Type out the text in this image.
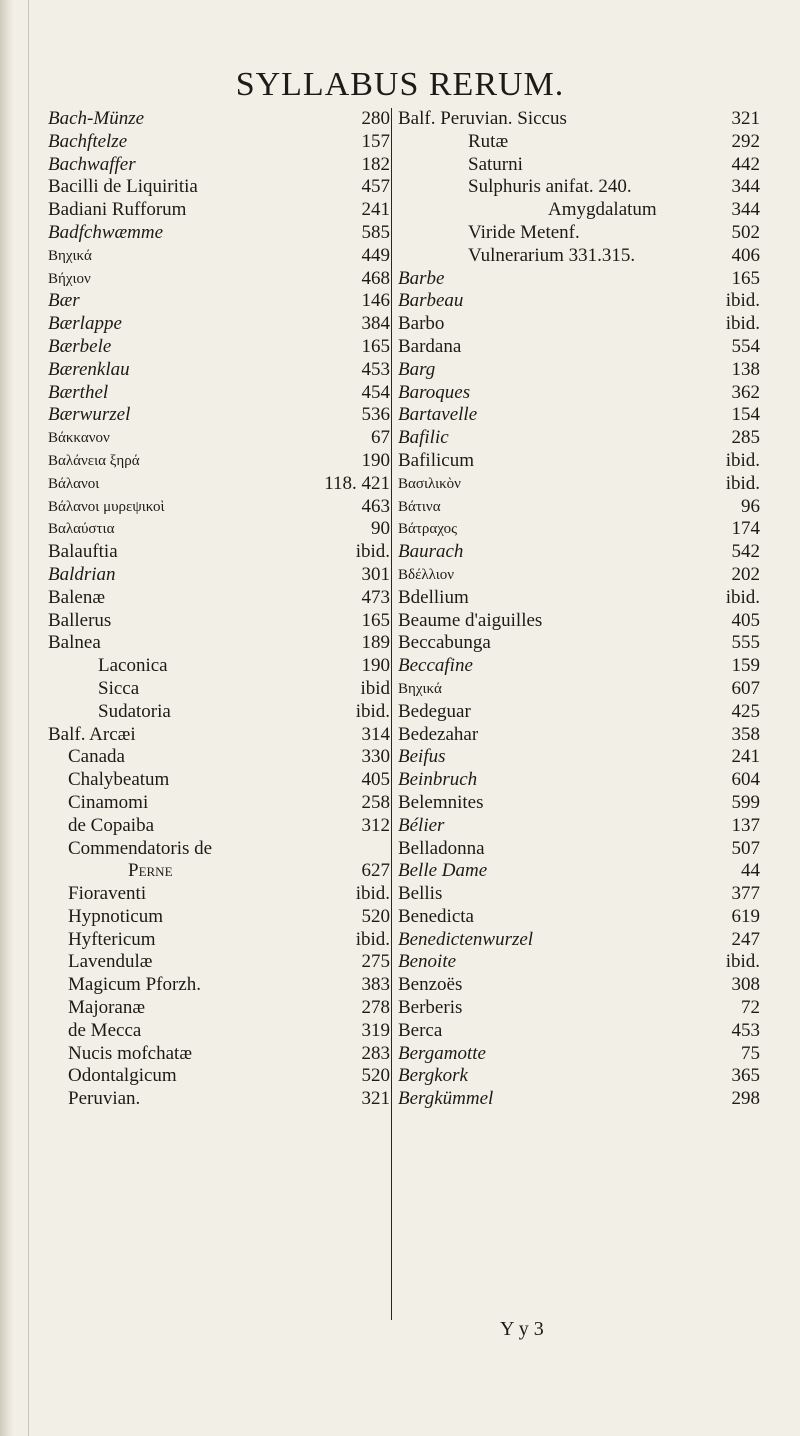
SYLLABUS RERUM.
Bach-Münze	280
Bachftelze	157
Bachwaffer	182
Bacilli de Liquiritia	457
Badiani Rufforum	241
Badfchwæmme	585
Βηχικά	449
Βήχιον	468
Bær	146
Bærlappe	384
Bærbele	165
Bærenklau	453
Bærthel	454
Bærwurzel	536
Βάκκανον	67
Βαλάνεια ξηρά	190
Βάλανοι	118. 421
Βάλανοι μυρεψικοὶ	463
Βαλαύστια	90
Balauftia	ibid.
Baldrian	301
Balenæ	473
Ballerus	165
Balnea	189
Laconica	190
Sicca	ibid
Sudatoria	ibid.
Balf. Arcæi	314
Canada	330
Chalybeatum	405
Cinamomi	258
de Copaiba	312
Commendatoris de
Perne	627
Fioraventi	ibid.
Hypnoticum	520
Hyftericum	ibid.
Lavendulæ	275
Magicum Pforzh.	383
Majoranæ	278
de Mecca	319
Nucis mofchatæ	283
Odontalgicum	520
Peruvian.	321
Balf. Peruvian. Siccus	321
Rutæ	292
Saturni	442
Sulphuris anifat. 240.	344
Amygdalatum	344
Viride Metenf.	502
Vulnerarium 331.315.	406
Barbe	165
Barbeau	ibid.
Barbo	ibid.
Bardana	554
Barg	138
Baroques	362
Bartavelle	154
Bafilic	285
Bafilicum	ibid.
Βασιλικὸν	ibid.
Βάτινα	96
Βάτραχος	174
Baurach	542
Βδέλλιον	202
Bdellium	ibid.
Beaume d'aiguilles	405
Beccabunga	555
Beccafine	159
Βηχικά	607
Bedeguar	425
Bedezahar	358
Beifus	241
Beinbruch	604
Belemnites	599
Bélier	137
Belladonna	507
Belle Dame	44
Bellis	377
Benedicta	619
Benedictenwurzel	247
Benoite	ibid.
Benzoës	308
Berberis	72
Berca	453
Bergamotte	75
Bergkork	365
Bergkümmel	298
Y y 3
